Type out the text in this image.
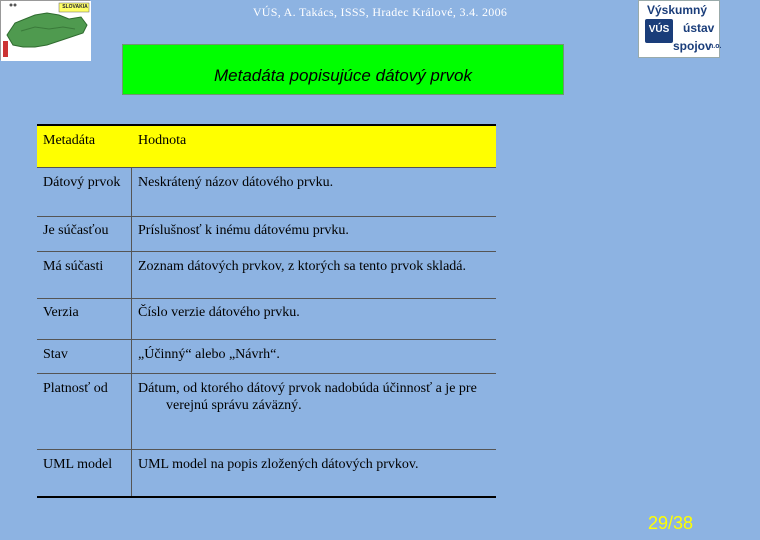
VÚS, A. Takács, ISSS, Hradec Králové, 3.4. 2006
SLOVAKIA	Výskumný
VÚS	ústav
spojov
n.o.
Metadáta popisujúce dátový prvok
Metadáta	Hodnota
Dátový prvok	Neskrátený názov dátového prvku.
Je súčasťou	Príslušnosť k inému dátovému prvku.
Má súčasti	Zoznam dátových prvkov, z ktorých sa tento prvok skladá.
Verzia	Číslo verzie dátového prvku.
Stav	„Účinný“ alebo „Návrh“.
Platnosť od	Dátum, od ktorého dátový prvok nadobúda účinnosť a je pre verejnú správu záväzný.
UML model	UML model na popis zložených dátových prvkov.
29/38
